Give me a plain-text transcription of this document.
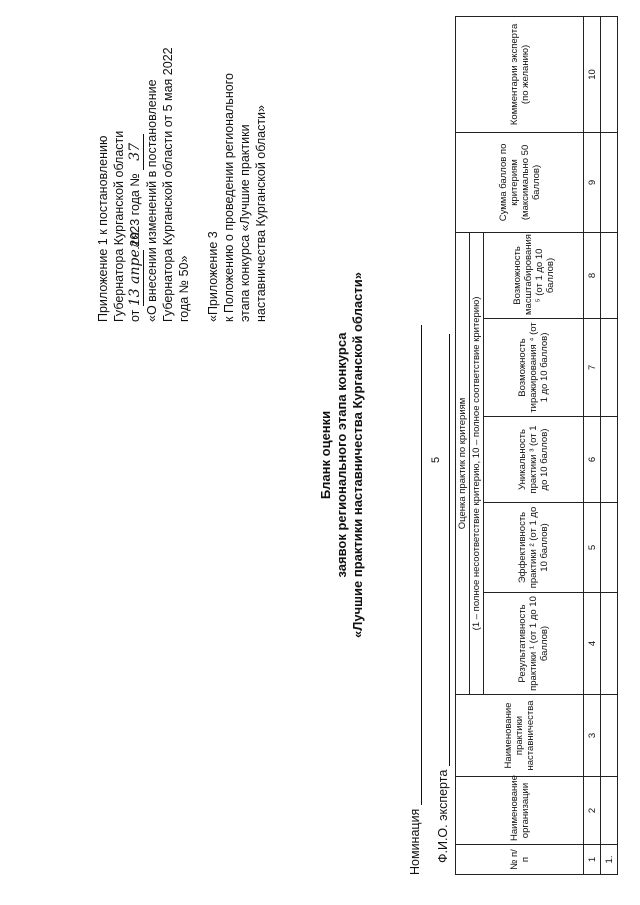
5
Приложение 1 к постановлению Губернатора Курганской области от 13 апреля 2023 года № 37 «О внесении изменений в постановление Губернатора Курганской области от 5 мая 2022 года № 50» «Приложение 3 к Положению о проведении регионального этапа конкурса «Лучшие практики наставничества Курганской области»
Бланк оценки заявок регионального этапа конкурса «Лучшие практики наставничества Курганской области»
Номинация Ф.И.О. эксперта	№ п/п	Наименование организации	Наименование практики наставничества	Оценка практик по критериям					Сумма баллов по критериям (максимально 50 баллов)	Комментарии эксперта (по желанию)
			(1 – полное несоответствие критерию, 10 – полное соответствие критерию)						
			Результативность практики ¹ (от 1 до 10 баллов)	Эффективность практики ² (от 1 до 10 баллов)	Уникальность практики ³ (от 1 до 10 баллов)	Возможность тиражирования ⁴ (от 1 до 10 баллов)	Возможность масштабирования ⁵ (от 1 до 10 баллов)		
1	2	3	4	5	6	7	8	9	10
1.									
